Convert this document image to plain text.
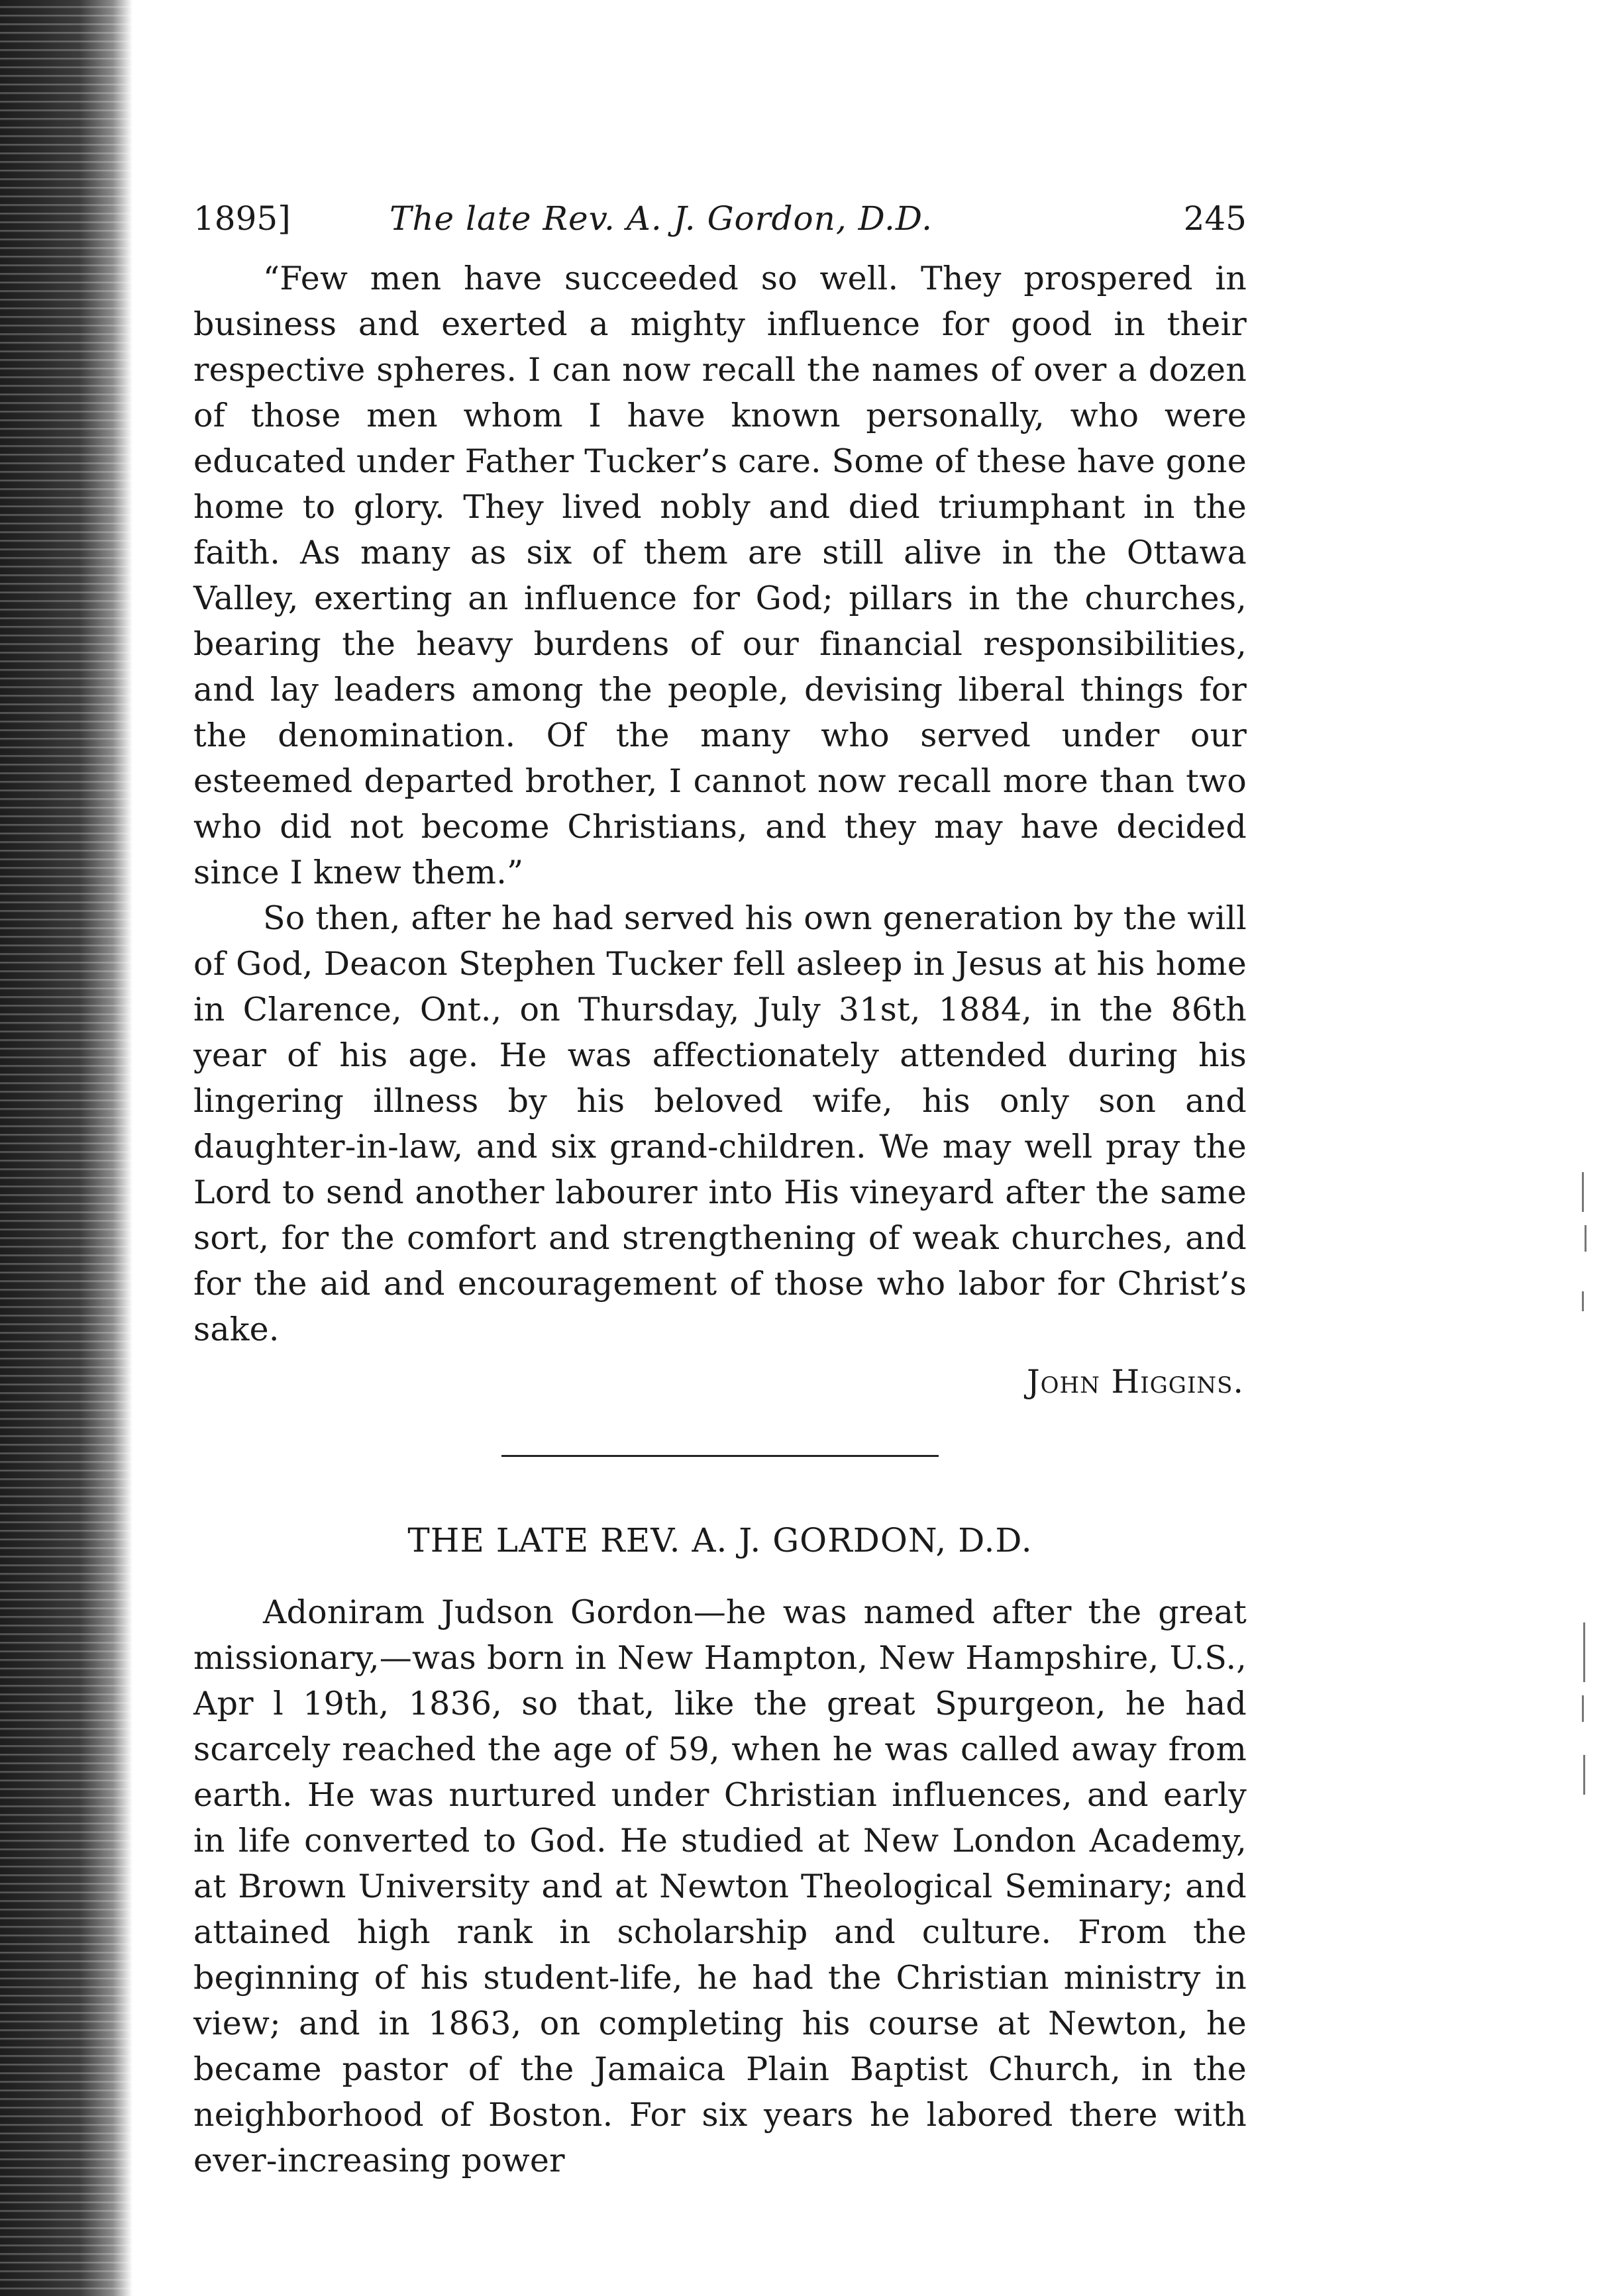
1895]	The late Rev. A. J. Gordon, D.D.	245

“Few men have succeeded so well. They prospered in business and exerted a mighty influence for good in their respective spheres. I can now recall the names of over a dozen of those men whom I have known personally, who were educated under Father Tucker’s care. Some of these have gone home to glory. They lived nobly and died triumphant in the faith. As many as six of them are still alive in the Ottawa Valley, exerting an influence for God; pillars in the churches, bearing the heavy burdens of our financial responsibilities, and lay leaders among the people, devising liberal things for the denomination. Of the many who served under our esteemed departed brother, I cannot now recall more than two who did not become Christians, and they may have decided since I knew them.”

So then, after he had served his own generation by the will of God, Deacon Stephen Tucker fell asleep in Jesus at his home in Clarence, Ont., on Thursday, July 31st, 1884, in the 86th year of his age. He was affectionately attended during his lingering illness by his beloved wife, his only son and daughter-in-law, and six grand-children. We may well pray the Lord to send another labourer into His vineyard after the same sort, for the comfort and strengthening of weak churches, and for the aid and encouragement of those who labor for Christ’s sake.

John Higgins.
THE LATE REV. A. J. GORDON, D.D.

Adoniram Judson Gordon—he was named after the great missionary,—was born in New Hampton, New Hampshire, U.S., Apr l 19th, 1836, so that, like the great Spurgeon, he had scarcely reached the age of 59, when he was called away from earth. He was nurtured under Christian influences, and early in life converted to God. He studied at New London Academy, at Brown University and at Newton Theological Seminary; and attained high rank in scholarship and culture. From the beginning of his student-life, he had the Christian ministry in view; and in 1863, on completing his course at Newton, he became pastor of the Jamaica Plain Baptist Church, in the neighborhood of Boston. For six years he labored there with ever-increasing power
